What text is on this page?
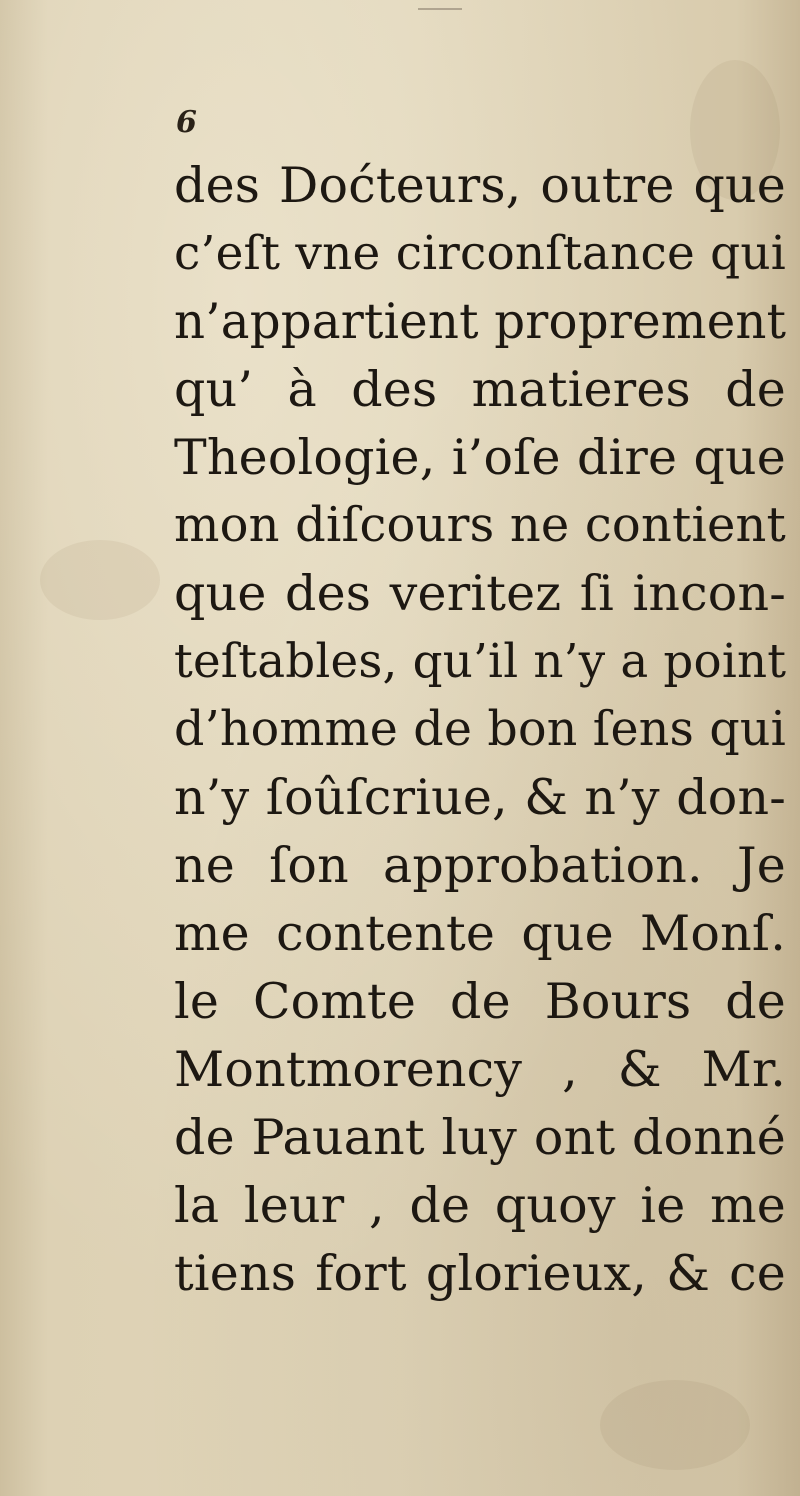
6
des Doćteurs, outre que
c’eſt vne circonſtance qui
n’appartient proprement
qu’ à des matieres de
Theologie, i’oſe dire que
mon diſcours ne contient
que des veritez ſi incon-
teſtables, qu’il n’y a point
d’homme de bon ſens qui
n’y ſoûſcriue, & n’y don-
ne ſon approbation. Je
me contente que Monſ.
le Comte de Bours de
Montmorency , & Mr.
de Pauant luy ont donné
la leur , de quoy ie me
tiens fort glorieux, & ce
